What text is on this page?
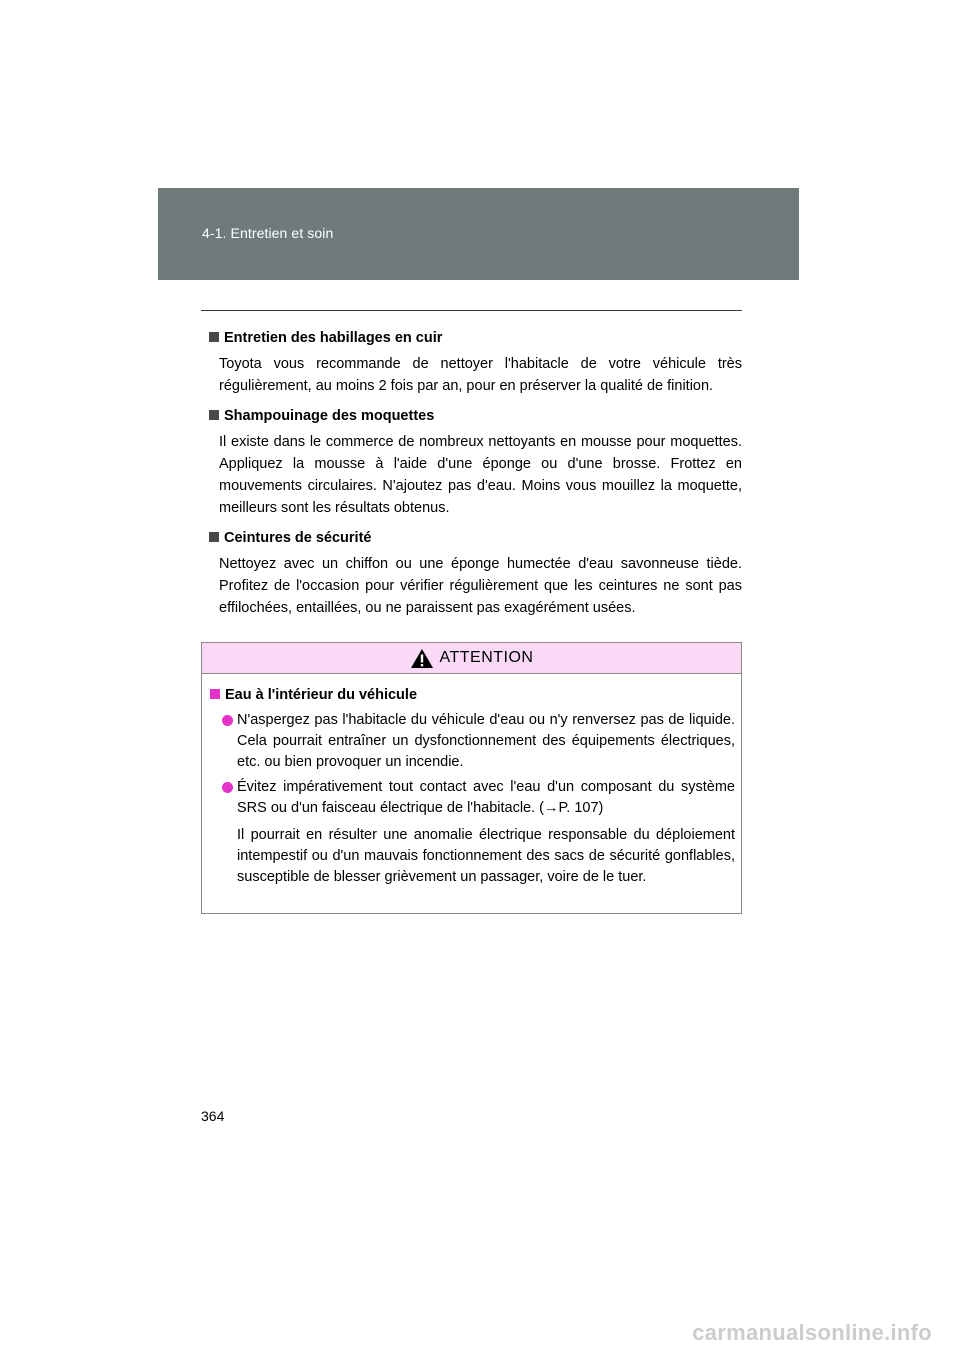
4-1. Entretien et soin
Entretien des habillages en cuir

Toyota vous recommande de nettoyer l'habitacle de votre véhicule très régulièrement, au moins 2 fois par an, pour en préserver la qualité de finition.

Shampouinage des moquettes

Il existe dans le commerce de nombreux nettoyants en mousse pour moquettes. Appliquez la mousse à l'aide d'une éponge ou d'une brosse. Frottez en mouvements circulaires. N'ajoutez pas d'eau. Moins vous mouillez la moquette, meilleurs sont les résultats obtenus.

Ceintures de sécurité

Nettoyez avec un chiffon ou une éponge humectée d'eau savonneuse tiède. Profitez de l'occasion pour vérifier régulièrement que les ceintures ne sont pas effilochées, entaillées, ou ne paraissent pas exagérément usées.

ATTENTION
Eau à l'intérieur du véhicule
N'aspergez pas l'habitacle du véhicule d'eau ou n'y renversez pas de liquide. Cela pourrait entraîner un dysfonctionnement des équipements électriques, etc. ou bien provoquer un incendie.
Évitez impérativement tout contact avec l'eau d'un composant du système SRS ou d'un faisceau électrique de l'habitacle. (→P. 107)

Il pourrait en résulter une anomalie électrique responsable du déploiement intempestif ou d'un mauvais fonctionnement des sacs de sécurité gonflables, susceptible de blesser grièvement un passager, voire de le tuer.

364
carmanualsonline.info
